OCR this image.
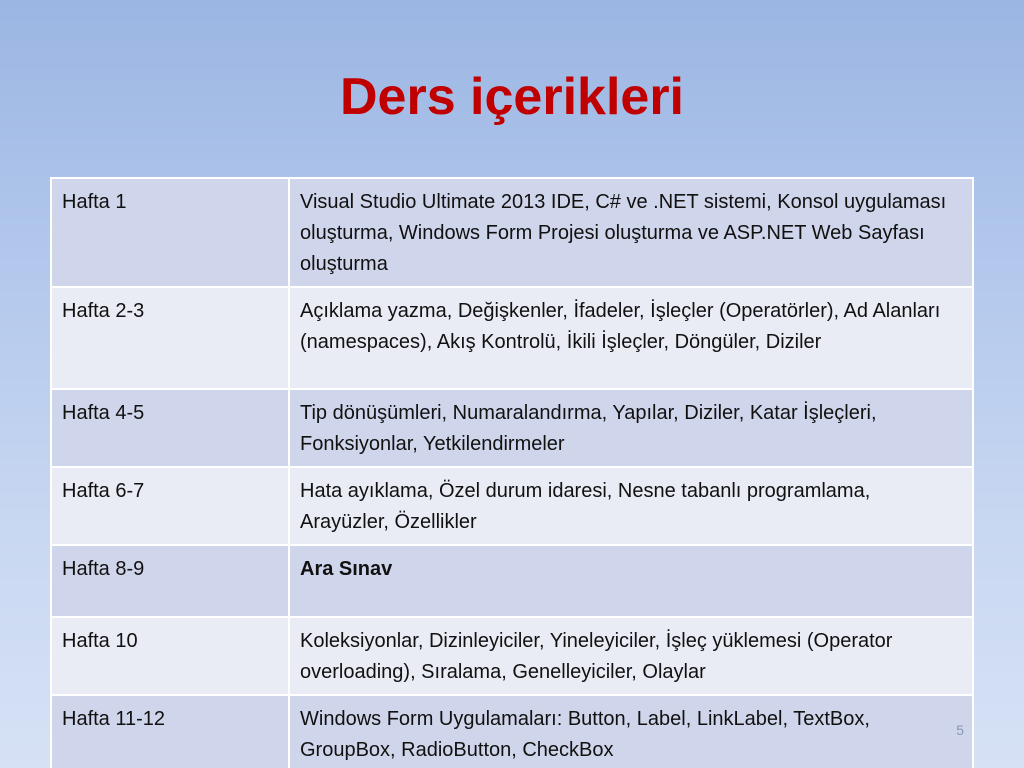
Ders içerikleri
Hafta 1	Visual Studio Ultimate 2013 IDE, C# ve .NET sistemi, Konsol uygulaması oluşturma, Windows Form Projesi oluşturma ve ASP.NET Web Sayfası oluşturma
Hafta 2-3	Açıklama yazma, Değişkenler, İfadeler, İşleçler (Operatörler), Ad Alanları (namespaces), Akış Kontrolü, İkili İşleçler, Döngüler, Diziler
Hafta 4-5	Tip dönüşümleri, Numaralandırma, Yapılar, Diziler, Katar İşleçleri, Fonksiyonlar, Yetkilendirmeler
Hafta 6-7	Hata ayıklama, Özel durum idaresi, Nesne tabanlı programlama, Arayüzler, Özellikler
Hafta 8-9	Ara Sınav
Hafta 10	Koleksiyonlar, Dizinleyiciler, Yineleyiciler, İşleç yüklemesi (Operator overloading), Sıralama, Genelleyiciler, Olaylar
Hafta 11-12	Windows Form Uygulamaları: Button, Label, LinkLabel, TextBox, GroupBox, RadioButton, CheckBox
5
